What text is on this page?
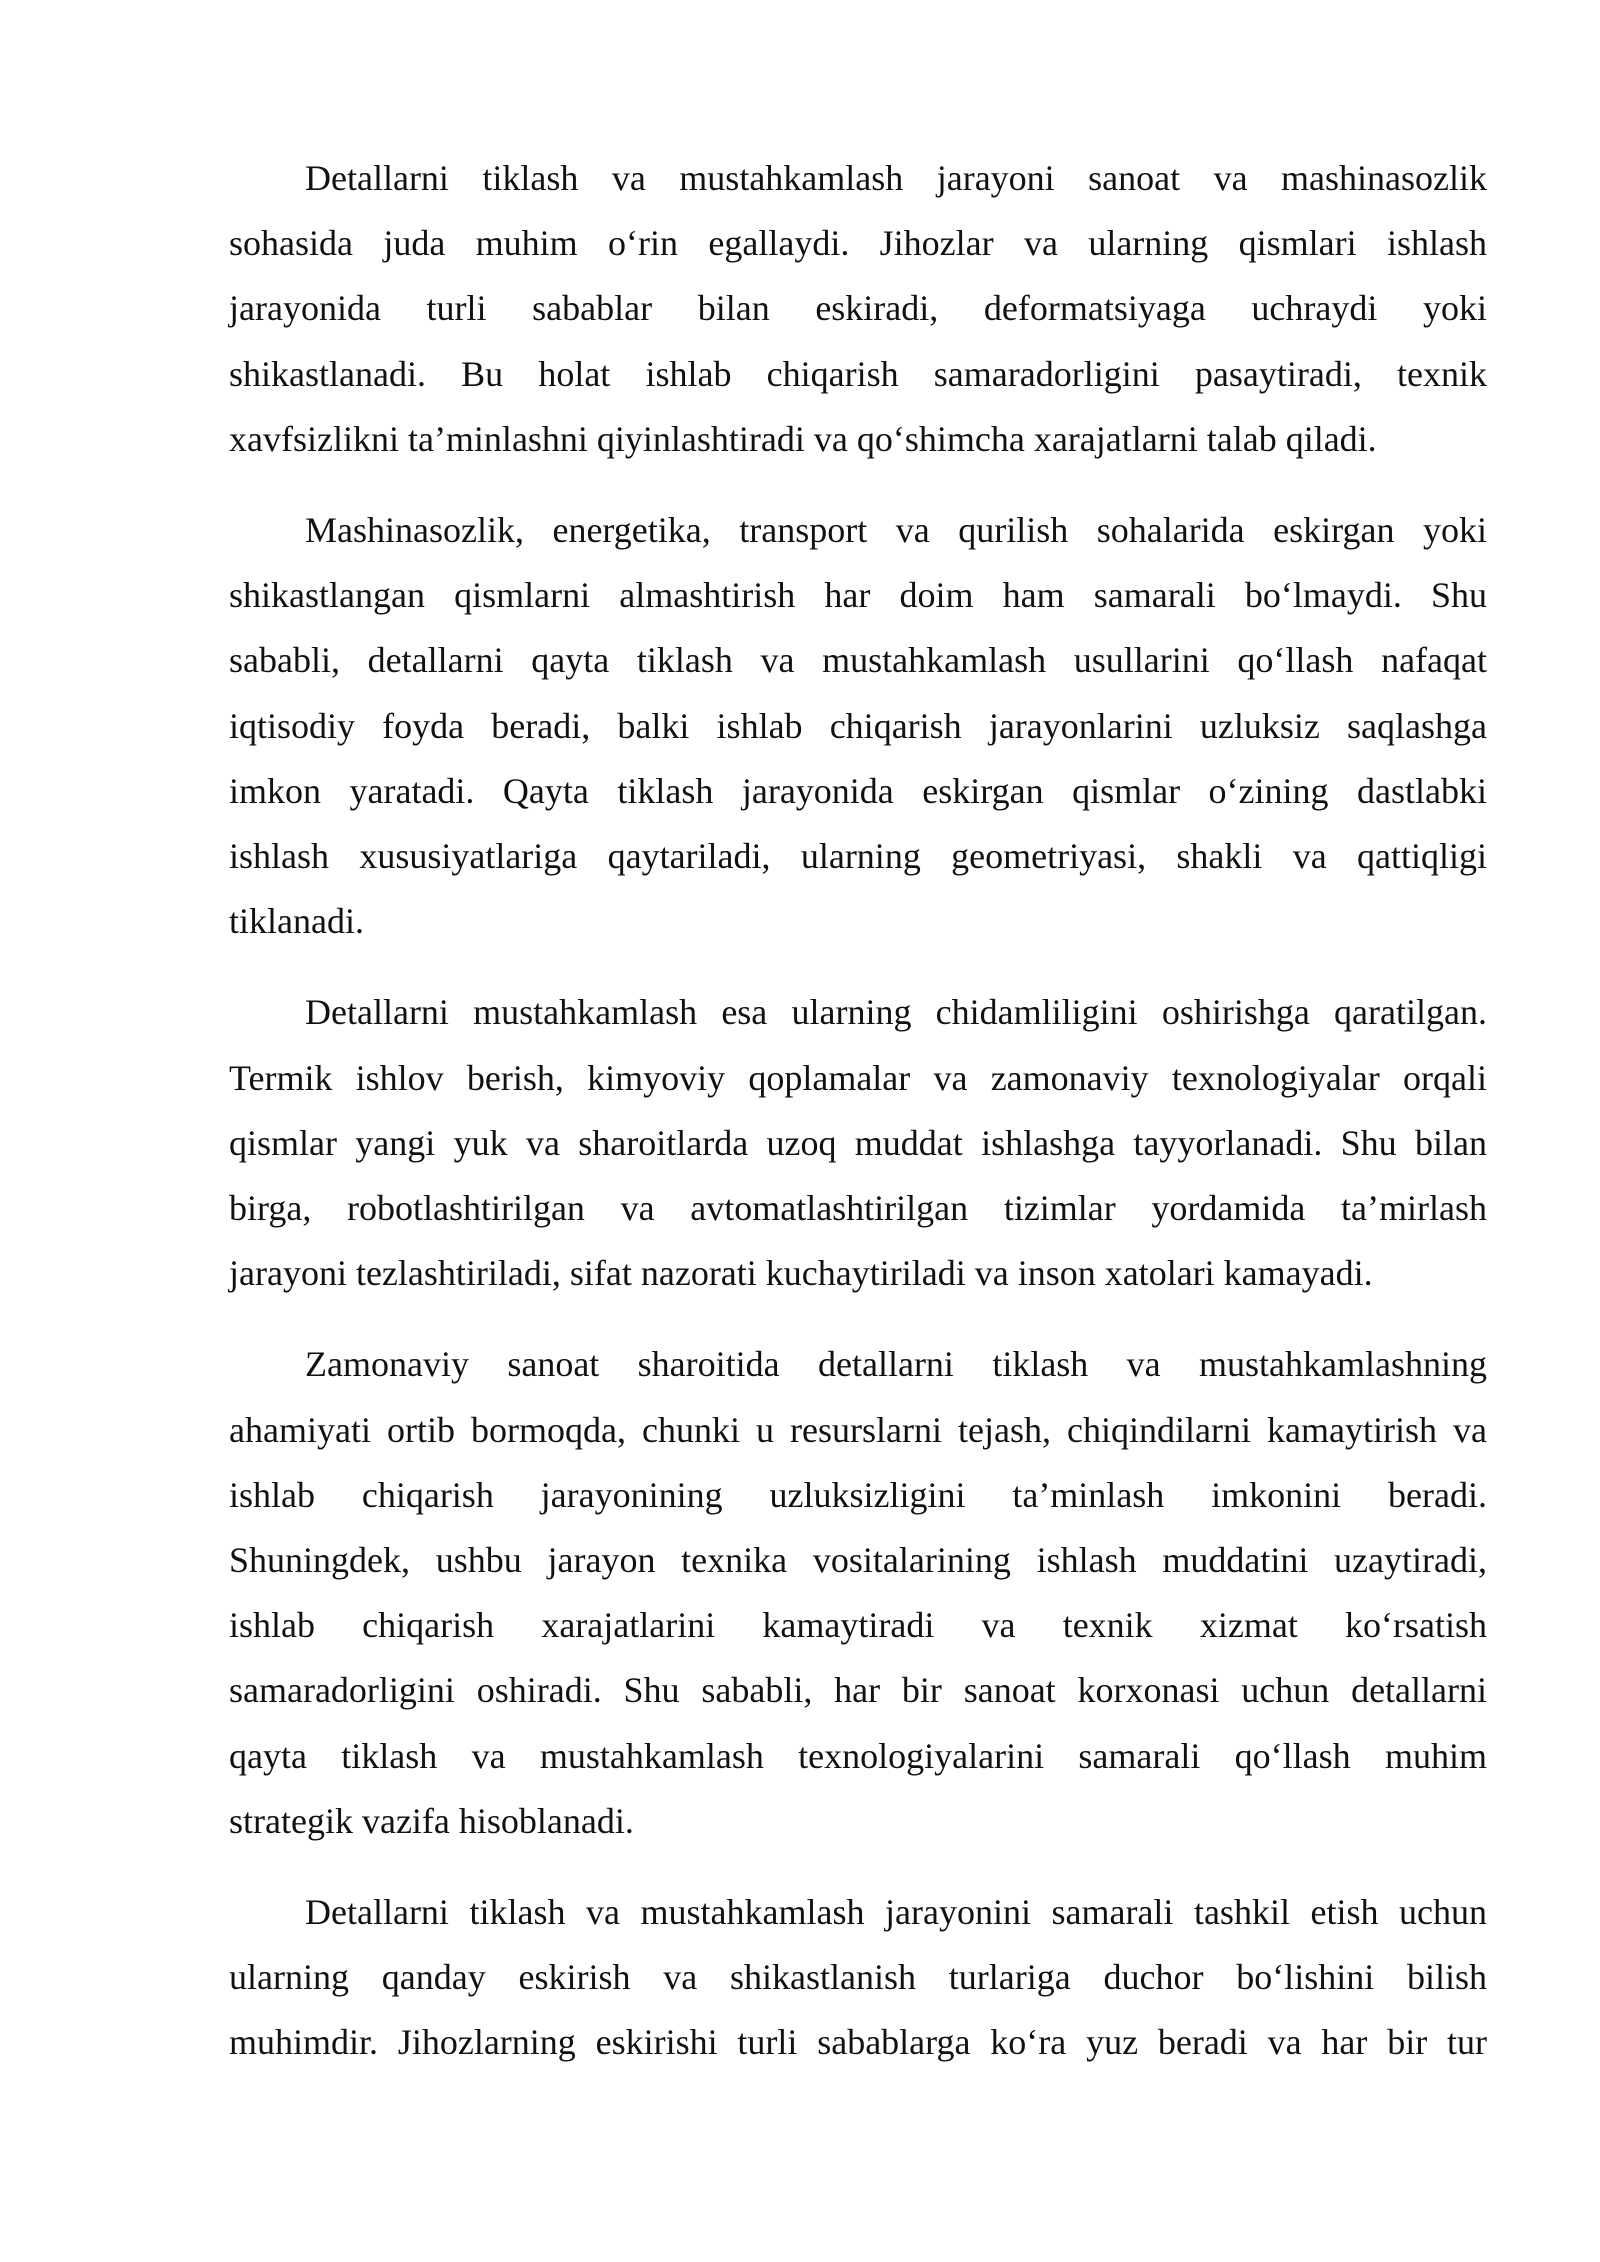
Detallarni tiklash va mustahkamlash jarayoni sanoat va mashinasozlik
sohasida juda muhim o‘rin egallaydi. Jihozlar va ularning qismlari ishlash
jarayonida turli sabablar bilan eskiradi, deformatsiyaga uchraydi yoki
shikastlanadi. Bu holat ishlab chiqarish samaradorligini pasaytiradi, texnik
xavfsizlikni ta’minlashni qiyinlashtiradi va qo‘shimcha xarajatlarni talab qiladi.

Mashinasozlik, energetika, transport va qurilish sohalarida eskirgan yoki
shikastlangan qismlarni almashtirish har doim ham samarali bo‘lmaydi. Shu
sababli, detallarni qayta tiklash va mustahkamlash usullarini qo‘llash nafaqat
iqtisodiy foyda beradi, balki ishlab chiqarish jarayonlarini uzluksiz saqlashga
imkon yaratadi. Qayta tiklash jarayonida eskirgan qismlar o‘zining dastlabki
ishlash xususiyatlariga qaytariladi, ularning geometriyasi, shakli va qattiqligi
tiklanadi.

Detallarni mustahkamlash esa ularning chidamliligini oshirishga qaratilgan.
Termik ishlov berish, kimyoviy qoplamalar va zamonaviy texnologiyalar orqali
qismlar yangi yuk va sharoitlarda uzoq muddat ishlashga tayyorlanadi. Shu bilan
birga, robotlashtirilgan va avtomatlashtirilgan tizimlar yordamida ta’mirlash
jarayoni tezlashtiriladi, sifat nazorati kuchaytiriladi va inson xatolari kamayadi.

Zamonaviy sanoat sharoitida detallarni tiklash va mustahkamlashning
ahamiyati ortib bormoqda, chunki u resurslarni tejash, chiqindilarni kamaytirish va
ishlab chiqarish jarayonining uzluksizligini ta’minlash imkonini beradi.
Shuningdek, ushbu jarayon texnika vositalarining ishlash muddatini uzaytiradi,
ishlab chiqarish xarajatlarini kamaytiradi va texnik xizmat ko‘rsatish
samaradorligini oshiradi. Shu sababli, har bir sanoat korxonasi uchun detallarni
qayta tiklash va mustahkamlash texnologiyalarini samarali qo‘llash muhim
strategik vazifa hisoblanadi.

Detallarni tiklash va mustahkamlash jarayonini samarali tashkil etish uchun
ularning qanday eskirish va shikastlanish turlariga duchor bo‘lishini bilish
muhimdir. Jihozlarning eskirishi turli sabablarga ko‘ra yuz beradi va har bir tur
